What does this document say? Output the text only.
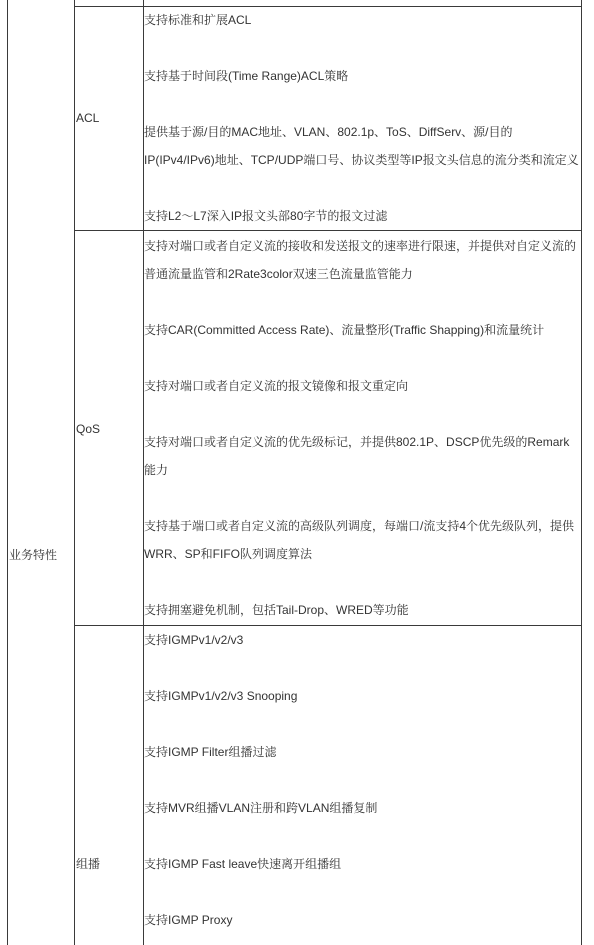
业务特性
ACL
支持标准和扩展ACL
支持基于时间段(Time Range)ACL策略
提供基于源/目的MAC地址、VLAN、802.1p、ToS、DiffServ、源/目的
IP(IPv4/IPv6)地址、TCP/UDP端口号、协议类型等IP报文头信息的流分类和流定义
支持L2～L7深入IP报文头部80字节的报文过滤
QoS
支持对端口或者自定义流的接收和发送报文的速率进行限速，并提供对自定义流的
普通流量监管和2Rate3color双速三色流量监管能力
支持CAR(Committed Access Rate)、流量整形(Traffic Shapping)和流量统计
支持对端口或者自定义流的报文镜像和报文重定向
支持对端口或者自定义流的优先级标记，并提供802.1P、DSCP优先级的Remark
能力
支持基于端口或者自定义流的高级队列调度，每端口/流支持4个优先级队列，提供
WRR、SP和FIFO队列调度算法
支持拥塞避免机制，包括Tail-Drop、WRED等功能
组播
支持IGMPv1/v2/v3
支持IGMPv1/v2/v3 Snooping
支持IGMP Filter组播过滤
支持MVR组播VLAN注册和跨VLAN组播复制
支持IGMP Fast leave快速离开组播组
支持IGMP Proxy
